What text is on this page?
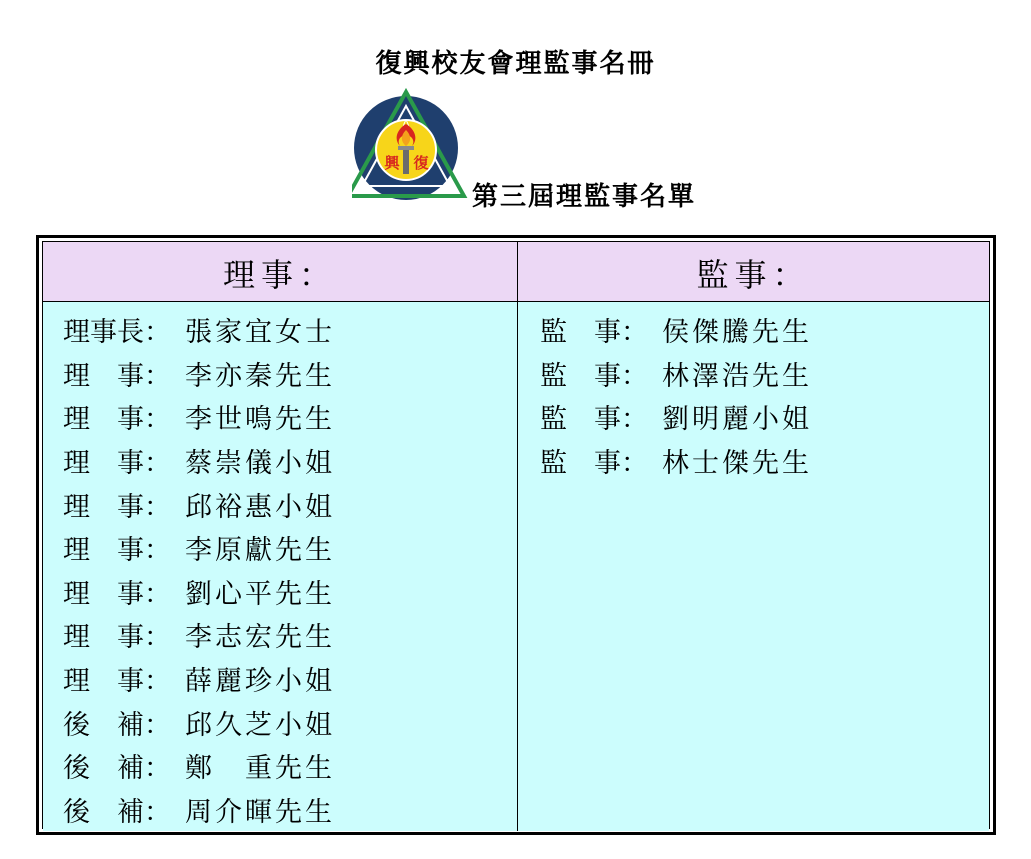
復興校友會理監事名冊
興 復
第三屆理監事名單
理事：	監事：
理事長： 張家宜女士
理　事： 李亦秦先生
理　事： 李世鳴先生
理　事： 蔡崇儀小姐
理　事： 邱裕惠小姐
理　事： 李原獻先生
理　事： 劉心平先生
理　事： 李志宏先生
理　事： 薛麗珍小姐
後　補： 邱久芝小姐
後　補： 鄭　重先生
後　補： 周介暉先生
監　事： 侯傑騰先生
監　事： 林澤浩先生
監　事： 劉明麗小姐
監　事： 林士傑先生
